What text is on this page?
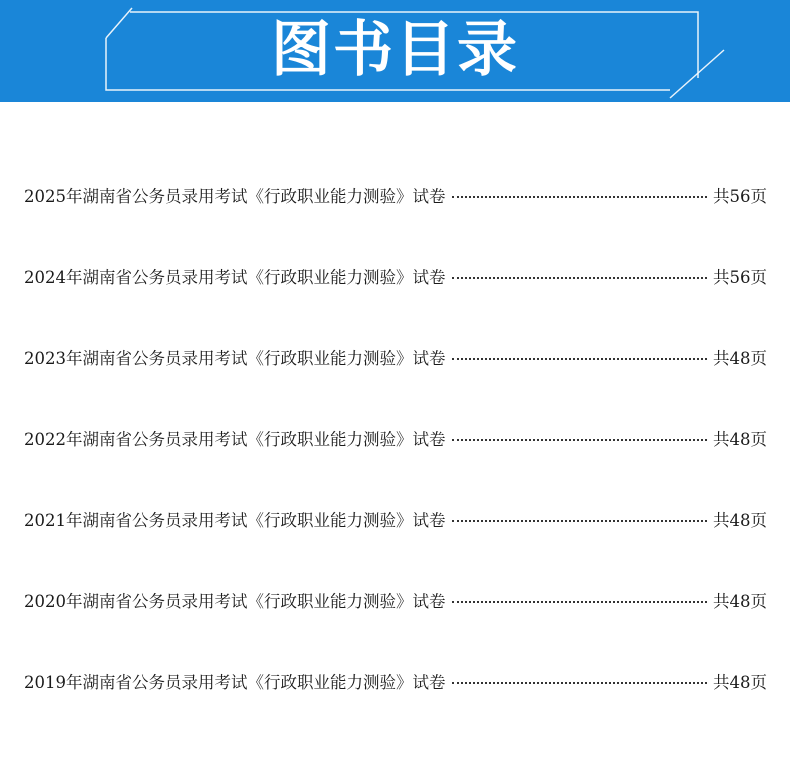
图书目录
2025年湖南省公务员录用考试《行政职业能力测验》试卷	共56页
2024年湖南省公务员录用考试《行政职业能力测验》试卷	共56页
2023年湖南省公务员录用考试《行政职业能力测验》试卷	共48页
2022年湖南省公务员录用考试《行政职业能力测验》试卷	共48页
2021年湖南省公务员录用考试《行政职业能力测验》试卷	共48页
2020年湖南省公务员录用考试《行政职业能力测验》试卷	共48页
2019年湖南省公务员录用考试《行政职业能力测验》试卷	共48页
